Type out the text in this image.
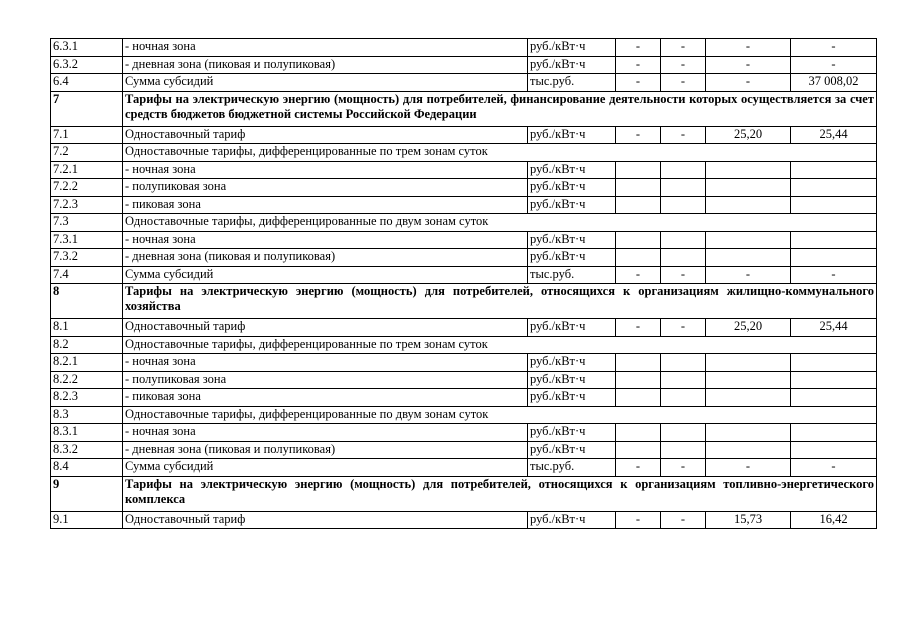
6.3.1	- ночная зона	руб./кВт·ч	-	-	-	-
6.3.2	- дневная зона (пиковая и полупиковая)	руб./кВт·ч	-	-	-	-
6.4	Сумма субсидий	тыс.руб.	-	-	-	37 008,02
7	Тарифы на электрическую энергию (мощность) для потребителей, финансирование деятельности которых осуществляется за счет средств бюджетов бюджетной системы Российской Федерации					
7.1	Одноставочный тариф	руб./кВт·ч	-	-	25,20	25,44
7.2	Одноставочные тарифы, дифференцированные по трем зонам суток					
7.2.1	- ночная зона	руб./кВт·ч				
7.2.2	- полупиковая зона	руб./кВт·ч				
7.2.3	- пиковая зона	руб./кВт·ч				
7.3	Одноставочные тарифы, дифференцированные по двум зонам суток					
7.3.1	- ночная зона	руб./кВт·ч				
7.3.2	- дневная зона (пиковая и полупиковая)	руб./кВт·ч				
7.4	Сумма субсидий	тыс.руб.	-	-	-	-
8	Тарифы на электрическую энергию (мощность) для потребителей, относящихся к организациям жилищно-коммунального хозяйства					
8.1	Одноставочный тариф	руб./кВт·ч	-	-	25,20	25,44
8.2	Одноставочные тарифы, дифференцированные по трем зонам суток					
8.2.1	- ночная зона	руб./кВт·ч				
8.2.2	- полупиковая зона	руб./кВт·ч				
8.2.3	- пиковая зона	руб./кВт·ч				
8.3	Одноставочные тарифы, дифференцированные по двум зонам суток					
8.3.1	- ночная зона	руб./кВт·ч				
8.3.2	- дневная зона (пиковая и полупиковая)	руб./кВт·ч				
8.4	Сумма субсидий	тыс.руб.	-	-	-	-
9	Тарифы на электрическую энергию (мощность) для потребителей, относящихся к организациям топливно-энергетического комплекса					
9.1	Одноставочный тариф	руб./кВт·ч	-	-	15,73	16,42
